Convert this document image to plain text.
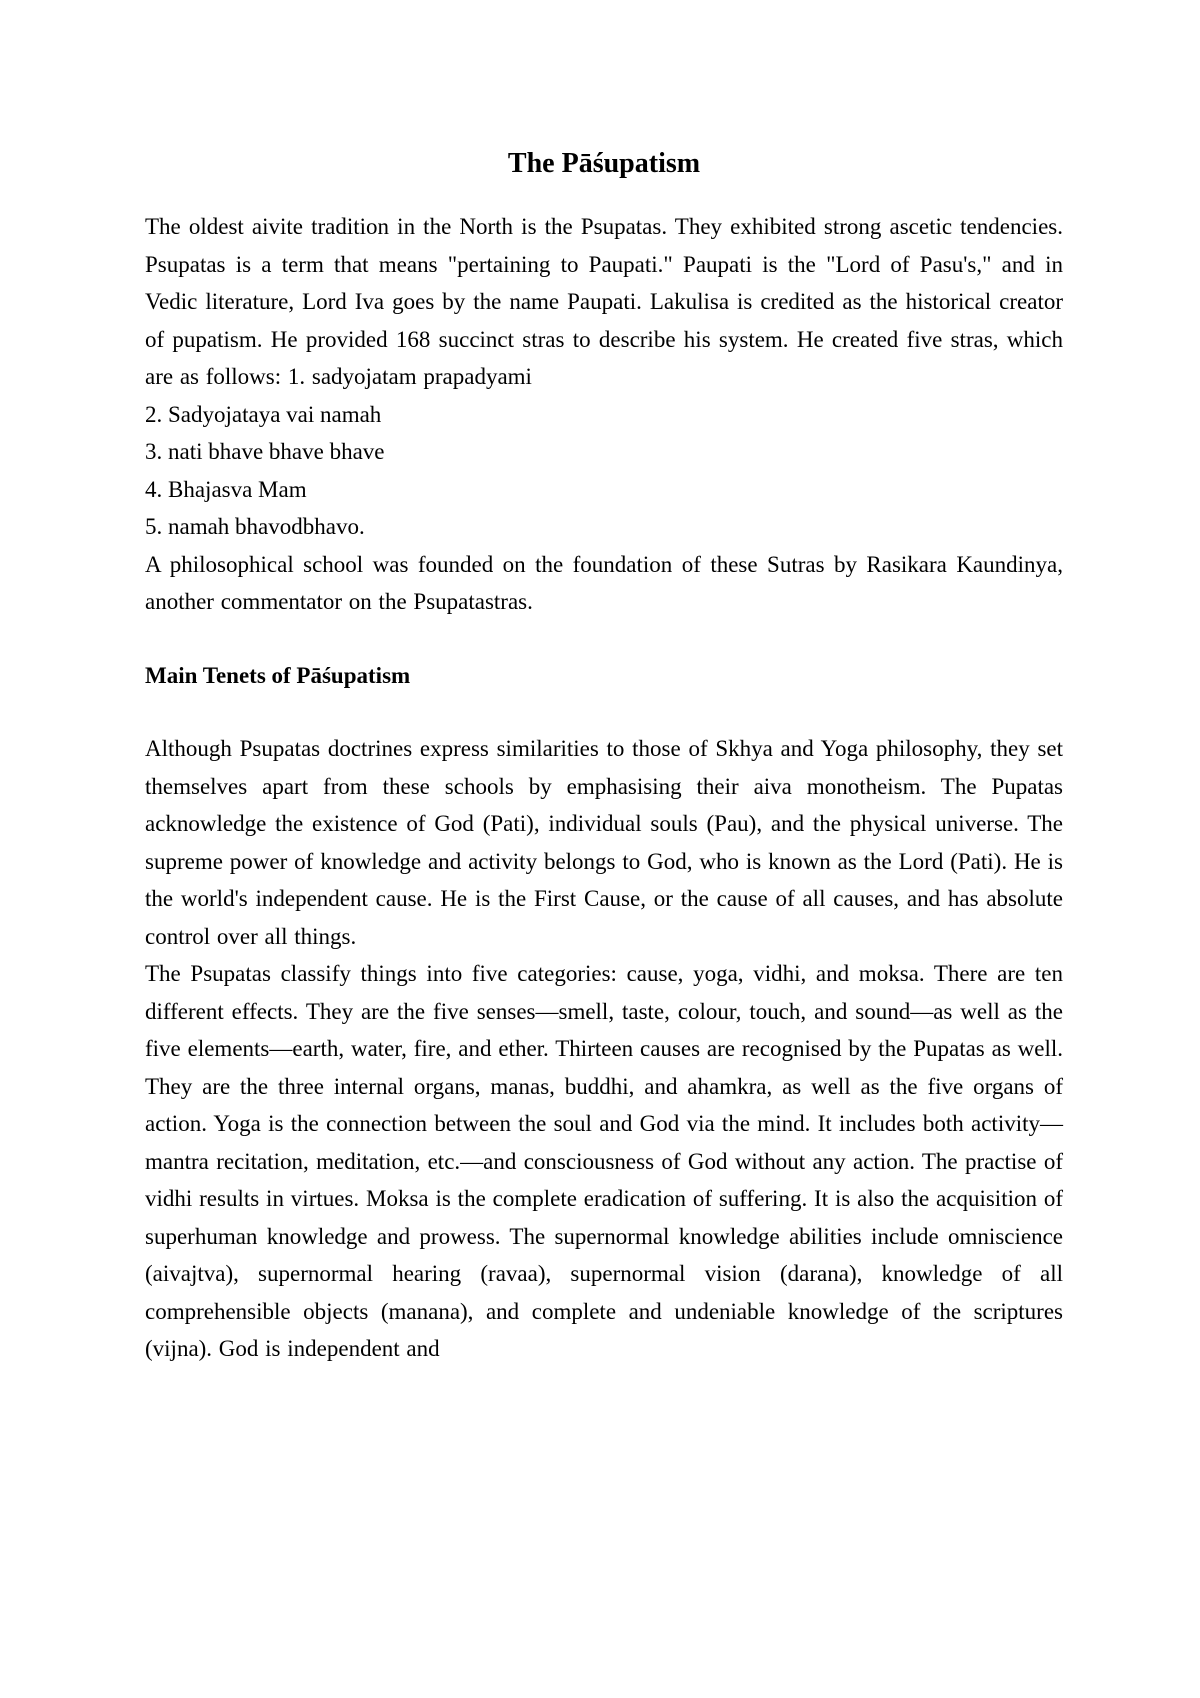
The Pāśupatism

The oldest aivite tradition in the North is the Psupatas. They exhibited strong ascetic tendencies. Psupatas is a term that means "pertaining to Paupati." Paupati is the "Lord of Pasu's," and in Vedic literature, Lord Iva goes by the name Paupati. Lakulisa is credited as the historical creator of pupatism. He provided 168 succinct stras to describe his system. He created five stras, which are as follows: 1. sadyojatam prapadyami

2. Sadyojataya vai namah

3. nati bhave bhave bhave

4. Bhajasva Mam

5. namah bhavodbhavo.

A philosophical school was founded on the foundation of these Sutras by Rasikara Kaundinya, another commentator on the Psupatastras.

Main Tenets of Pāśupatism

Although Psupatas doctrines express similarities to those of Skhya and Yoga philosophy, they set themselves apart from these schools by emphasising their aiva monotheism. The Pupatas acknowledge the existence of God (Pati), individual souls (Pau), and the physical universe. The supreme power of knowledge and activity belongs to God, who is known as the Lord (Pati). He is the world's independent cause. He is the First Cause, or the cause of all causes, and has absolute control over all things.

The Psupatas classify things into five categories: cause, yoga, vidhi, and moksa. There are ten different effects. They are the five senses—smell, taste, colour, touch, and sound—as well as the five elements—earth, water, fire, and ether. Thirteen causes are recognised by the Pupatas as well. They are the three internal organs, manas, buddhi, and ahamkra, as well as the five organs of action. Yoga is the connection between the soul and God via the mind. It includes both activity—mantra recitation, meditation, etc.—and consciousness of God without any action. The practise of vidhi results in virtues. Moksa is the complete eradication of suffering. It is also the acquisition of superhuman knowledge and prowess. The supernormal knowledge abilities include omniscience (aivajtva), supernormal hearing (ravaa), supernormal vision (darana), knowledge of all comprehensible objects (manana), and complete and undeniable knowledge of the scriptures (vijna). God is independent and
